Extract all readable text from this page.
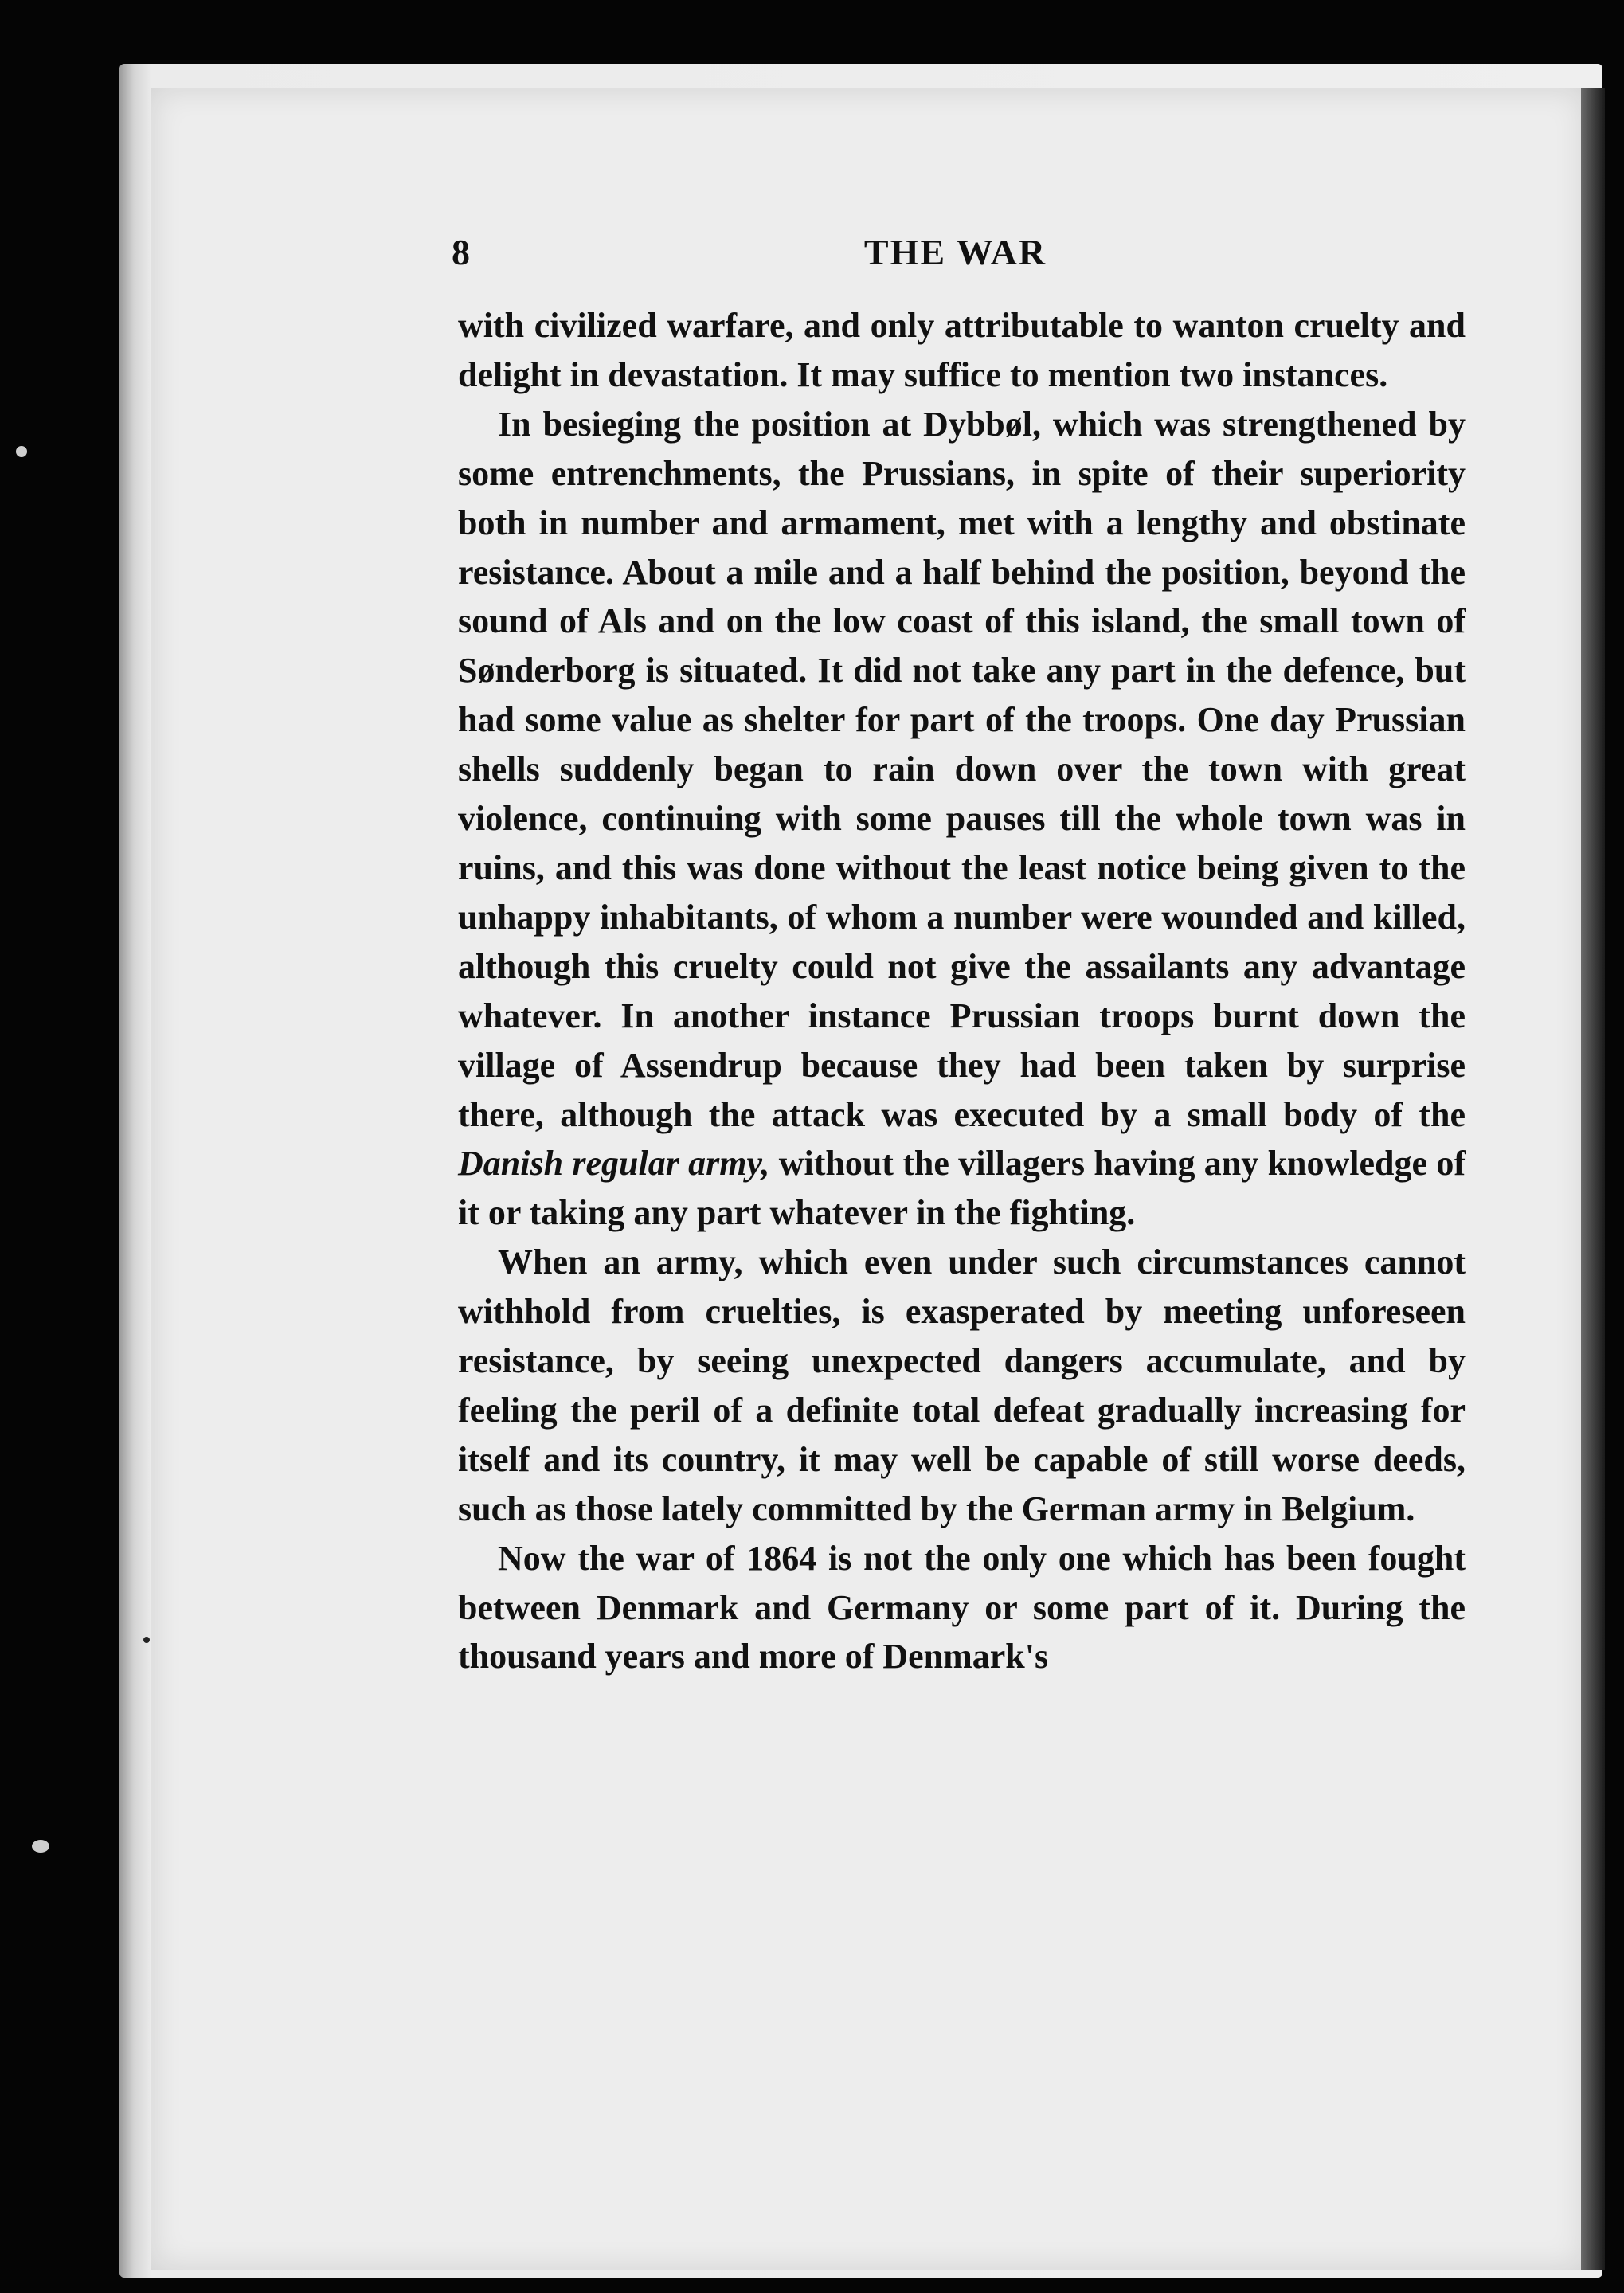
8	THE WAR

with civilized warfare, and only attributable to wanton cruelty and delight in devastation. It may suffice to mention two instances.

In besieging the position at Dybbøl, which was strengthened by some entrenchments, the Prussians, in spite of their superiority both in number and armament, met with a lengthy and obstinate resistance. About a mile and a half behind the position, beyond the sound of Als and on the low coast of this island, the small town of Sønderborg is situated. It did not take any part in the defence, but had some value as shelter for part of the troops. One day Prussian shells suddenly began to rain down over the town with great violence, continuing with some pauses till the whole town was in ruins, and this was done without the least notice being given to the unhappy inhabitants, of whom a number were wounded and killed, although this cruelty could not give the assailants any advantage whatever. In another instance Prussian troops burnt down the village of Assendrup because they had been taken by surprise there, although the attack was executed by a small body of the Danish regular army, without the villagers having any knowledge of it or taking any part whatever in the fighting.

When an army, which even under such circumstances cannot withhold from cruelties, is exasperated by meeting unforeseen resistance, by seeing unexpected dangers accumulate, and by feeling the peril of a definite total defeat gradually increasing for itself and its country, it may well be capable of still worse deeds, such as those lately committed by the German army in Belgium.

Now the war of 1864 is not the only one which has been fought between Denmark and Germany or some part of it. During the thousand years and more of Denmark's
